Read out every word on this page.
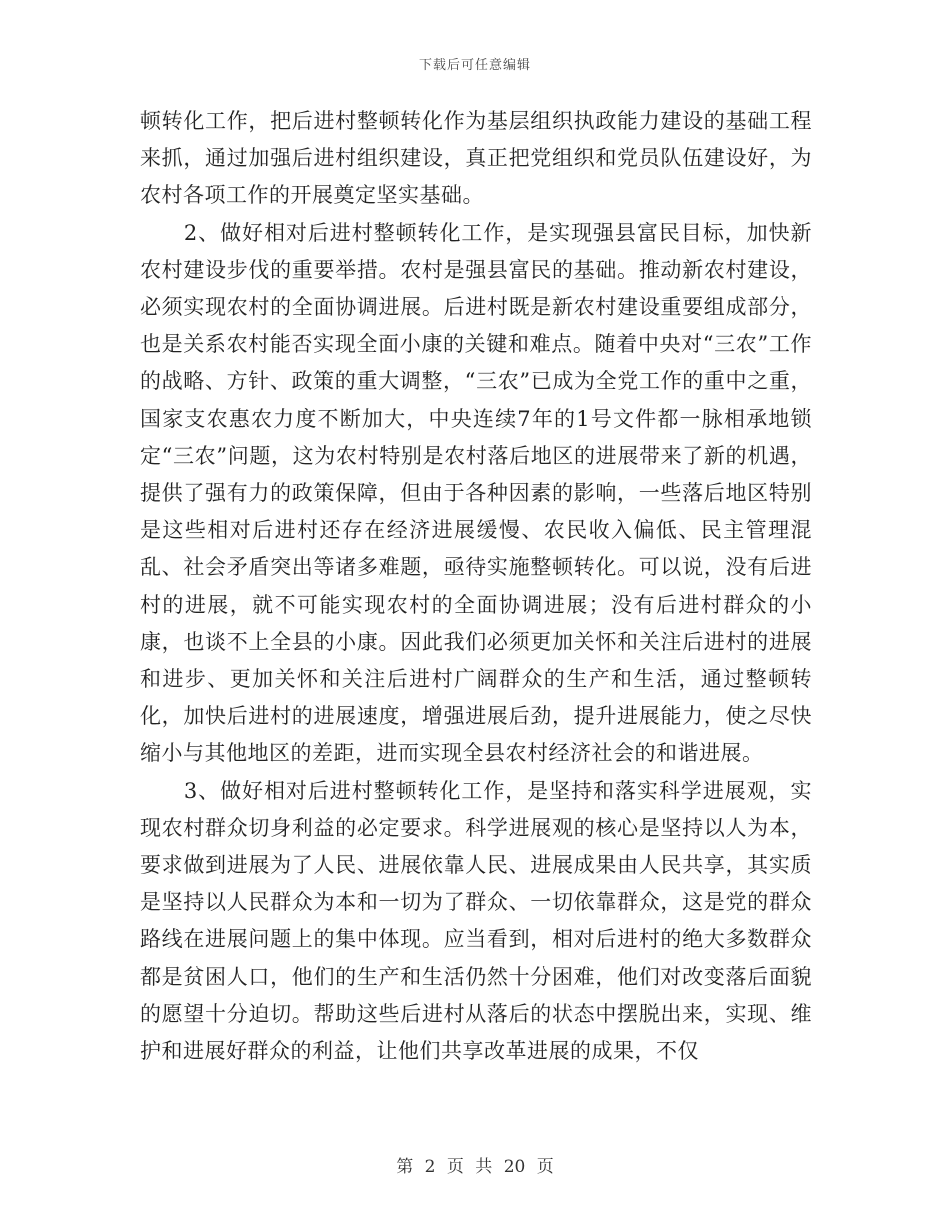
下载后可任意编辑

顿转化工作，把后进村整顿转化作为基层组织执政能力建设的基础工程来抓，通过加强后进村组织建设，真正把党组织和党员队伍建设好，为农村各项工作的开展奠定坚实基础。

　　2、做好相对后进村整顿转化工作，是实现强县富民目标，加快新农村建设步伐的重要举措。农村是强县富民的基础。推动新农村建设，必须实现农村的全面协调进展。后进村既是新农村建设重要组成部分，也是关系农村能否实现全面小康的关键和难点。随着中央对“三农”工作的战略、方针、政策的重大调整，“三农”已成为全党工作的重中之重，国家支农惠农力度不断加大，中央连续7年的1号文件都一脉相承地锁定“三农”问题，这为农村特别是农村落后地区的进展带来了新的机遇，提供了强有力的政策保障，但由于各种因素的影响，一些落后地区特别是这些相对后进村还存在经济进展缓慢、农民收入偏低、民主管理混乱、社会矛盾突出等诸多难题，亟待实施整顿转化。可以说，没有后进村的进展，就不可能实现农村的全面协调进展；没有后进村群众的小康，也谈不上全县的小康。因此我们必须更加关怀和关注后进村的进展和进步、更加关怀和关注后进村广阔群众的生产和生活，通过整顿转化，加快后进村的进展速度，增强进展后劲，提升进展能力，使之尽快缩小与其他地区的差距，进而实现全县农村经济社会的和谐进展。

　　3、做好相对后进村整顿转化工作，是坚持和落实科学进展观，实现农村群众切身利益的必定要求。科学进展观的核心是坚持以人为本，要求做到进展为了人民、进展依靠人民、进展成果由人民共享，其实质是坚持以人民群众为本和一切为了群众、一切依靠群众，这是党的群众路线在进展问题上的集中体现。应当看到，相对后进村的绝大多数群众都是贫困人口，他们的生产和生活仍然十分困难，他们对改变落后面貌的愿望十分迫切。帮助这些后进村从落后的状态中摆脱出来，实现、维护和进展好群众的利益，让他们共享改革进展的成果，不仅

第 2 页 共 20 页
